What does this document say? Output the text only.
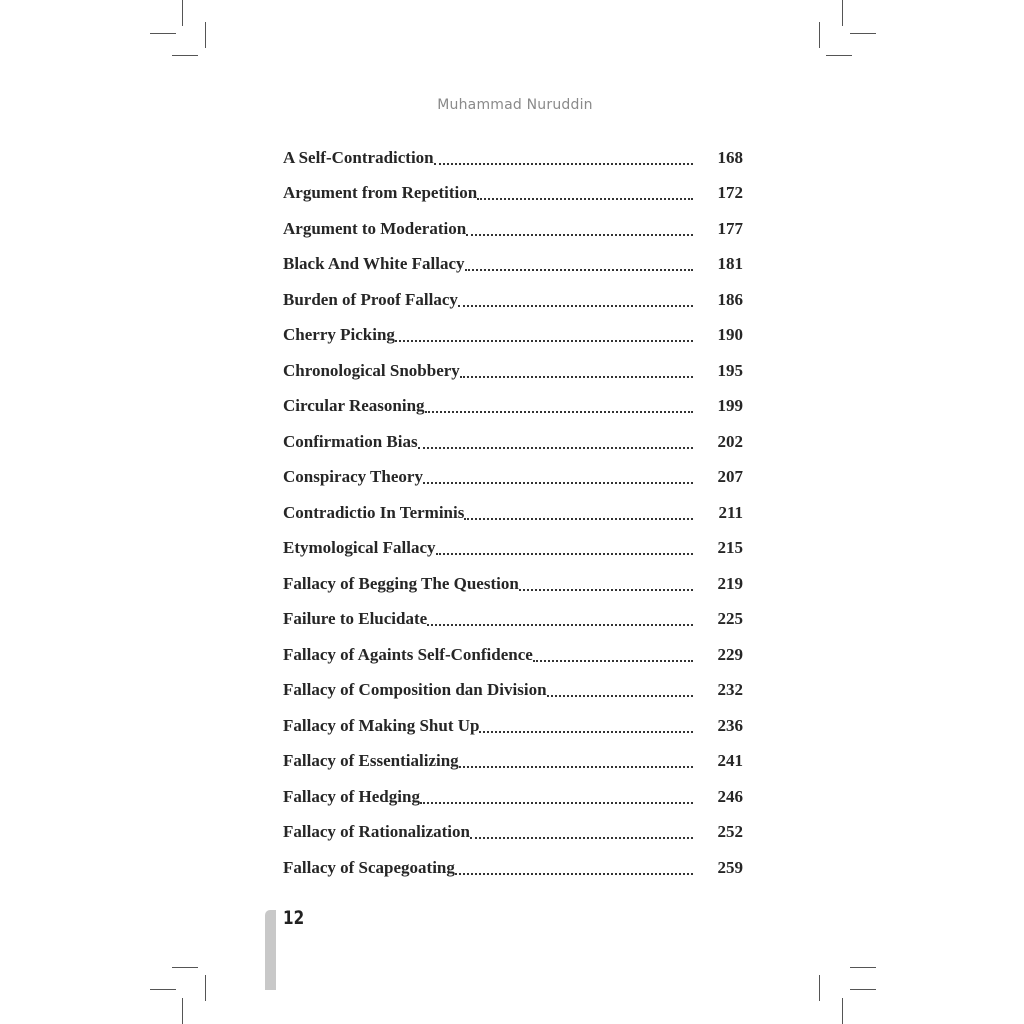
Muhammad Nuruddin
A Self-Contradiction	168
Argument from Repetition	172
Argument to Moderation	177
Black And White Fallacy	181
Burden of Proof Fallacy	186
Cherry Picking	190
Chronological Snobbery	195
Circular Reasoning	199
Confirmation Bias	202
Conspiracy Theory	207
Contradictio In Terminis	211
Etymological Fallacy	215
Fallacy of Begging The Question	219
Failure to Elucidate	225
Fallacy of Againts Self-Confidence	229
Fallacy of Composition dan Division	232
Fallacy of Making Shut Up	236
Fallacy of Essentializing	241
Fallacy of Hedging	246
Fallacy of Rationalization	252
Fallacy of Scapegoating	259
12
